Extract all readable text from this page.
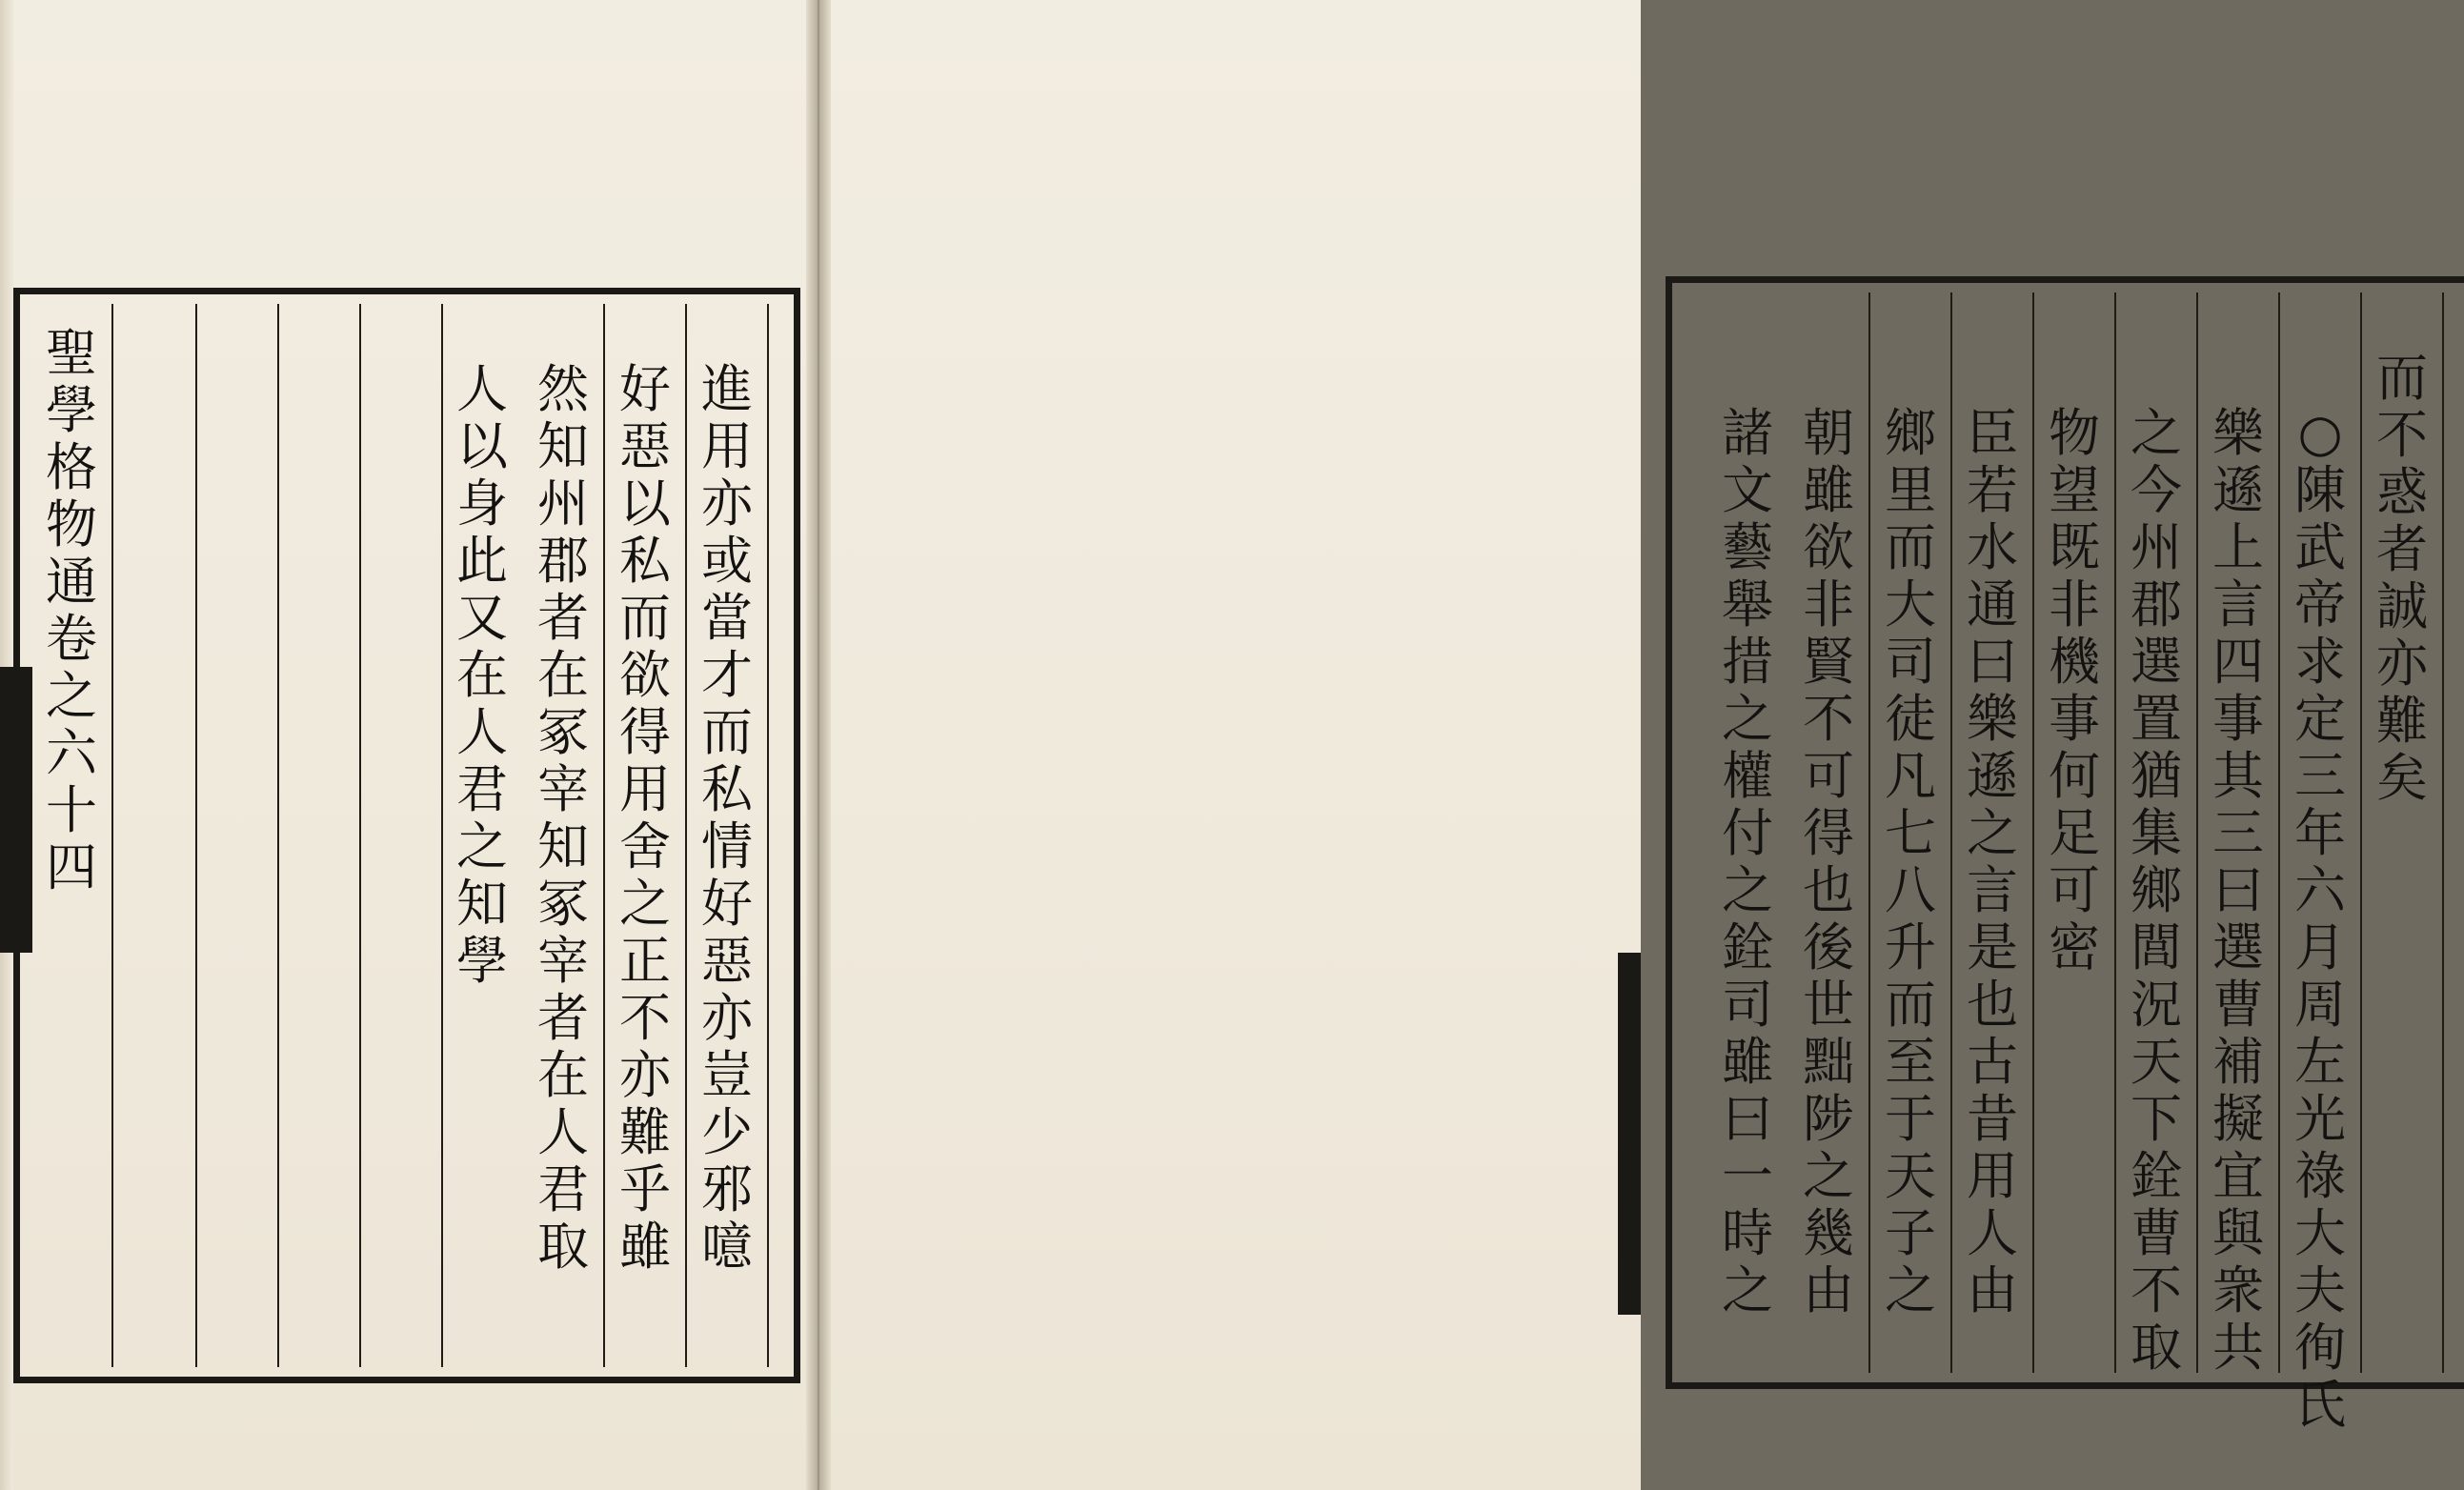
聖
學
格
物
通
卷
之
六
十
四
進
用
亦
或
當
才
而
私
情
好
惡
亦
豈
少
邪
噫
好
惡
以
私
而
欲
得
用
舍
之
正
不
亦
難
乎
雖
然
知
州
郡
者
在
冢
宰
知
冢
宰
者
在
人
君
取
人
以
身
此
又
在
人
君
之
知
學
而
不
惑
者
誠
亦
難
矣
○
陳
武
帝
求
定
三
年
六
月
周
左
光
祿
大
夫
徇
氏
樂
遜
上
言
四
事
其
三
曰
選
曹
補
擬
宜
與
衆
共
之
今
州
郡
選
置
猶
集
鄉
閭
況
天
下
銓
曹
不
取
物
望
既
非
機
事
何
足
可
密
臣
若
水
通
曰
樂
遜
之
言
是
也
古
昔
用
人
由
鄉
里
而
大
司
徒
凡
七
八
升
而
至
于
天
子
之
朝
雖
欲
非
賢
不
可
得
也
後
世
黜
陟
之
幾
由
諸
文
藝
舉
措
之
權
付
之
銓
司
雖
曰
一
時
之
